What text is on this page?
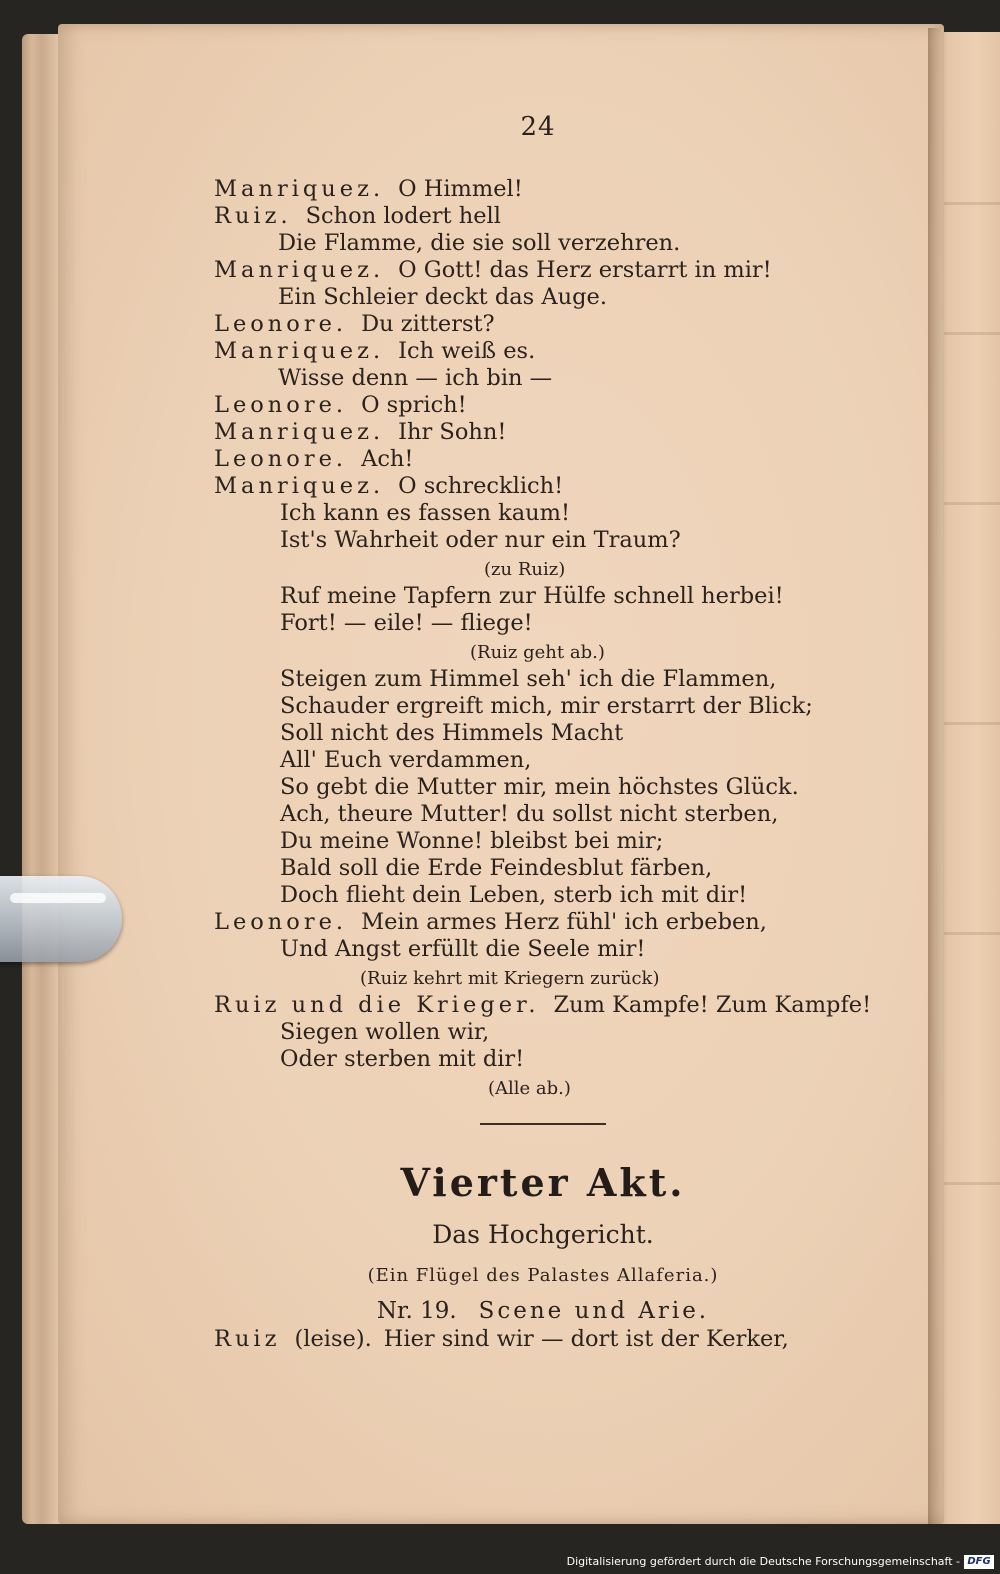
24
Manriquez. O Himmel!
Ruiz. Schon lodert hell
Die Flamme, die sie soll verzehren.
Manriquez. O Gott! das Herz erstarrt in mir!
Ein Schleier deckt das Auge.
Leonore. Du zitterst?
Manriquez. Ich weiß es.
Wisse denn — ich bin —
Leonore. O sprich!
Manriquez. Ihr Sohn!
Leonore. Ach!
Manriquez. O schrecklich!
Ich kann es fassen kaum!
Ist's Wahrheit oder nur ein Traum?
(zu Ruiz)
Ruf meine Tapfern zur Hülfe schnell herbei!
Fort! — eile! — fliege!
(Ruiz geht ab.)
Steigen zum Himmel seh' ich die Flammen,
Schauder ergreift mich, mir erstarrt der Blick;
Soll nicht des Himmels Macht
All' Euch verdammen,
So gebt die Mutter mir, mein höchstes Glück.
Ach, theure Mutter! du sollst nicht sterben,
Du meine Wonne! bleibst bei mir;
Bald soll die Erde Feindesblut färben,
Doch flieht dein Leben, sterb ich mit dir!
Leonore. Mein armes Herz fühl' ich erbeben,
Und Angst erfüllt die Seele mir!
(Ruiz kehrt mit Kriegern zurück)
Ruiz und die Krieger. Zum Kampfe! Zum Kampfe!
Siegen wollen wir,
Oder sterben mit dir!
(Alle ab.)
Vierter Akt.
Das Hochgericht.
(Ein Flügel des Palastes Allaferia.)
Nr. 19. Scene und Arie.
Ruiz (leise). Hier sind wir — dort ist der Kerker,
Digitalisierung gefördert durch die Deutsche Forschungsgemeinschaft - DFG
